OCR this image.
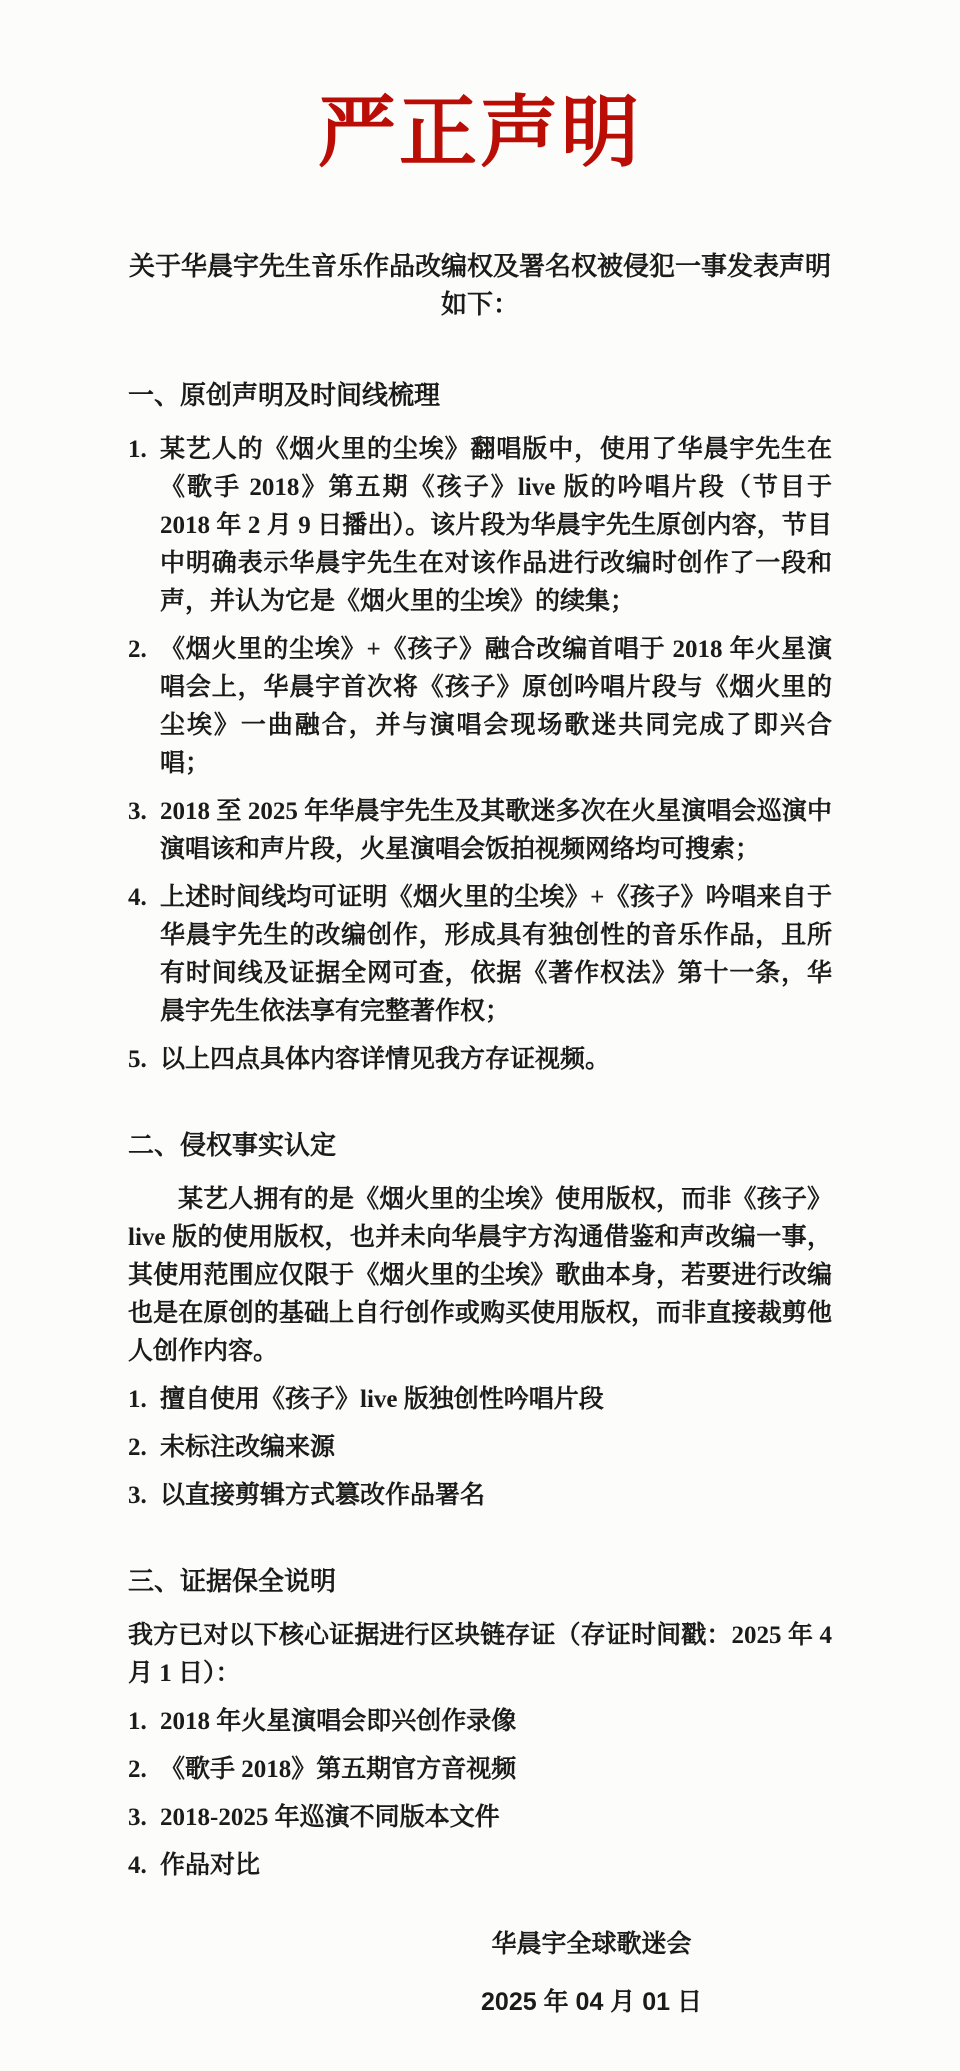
严正声明

关于华晨宇先生音乐作品改编权及署名权被侵犯一事发表声明如下：

一、原创声明及时间线梳理
1. 某艺人的《烟火里的尘埃》翻唱版中，使用了华晨宇先生在《歌手 2018》第五期《孩子》live 版的吟唱片段（节目于 2018 年 2 月 9 日播出）。该片段为华晨宇先生原创内容，节目中明确表示华晨宇先生在对该作品进行改编时创作了一段和声，并认为它是《烟火里的尘埃》的续集；
2. 《烟火里的尘埃》+《孩子》融合改编首唱于 2018 年火星演唱会上，华晨宇首次将《孩子》原创吟唱片段与《烟火里的尘埃》一曲融合，并与演唱会现场歌迷共同完成了即兴合唱；
3. 2018 至 2025 年华晨宇先生及其歌迷多次在火星演唱会巡演中演唱该和声片段，火星演唱会饭拍视频网络均可搜索；
4. 上述时间线均可证明《烟火里的尘埃》+《孩子》吟唱来自于华晨宇先生的改编创作，形成具有独创性的音乐作品，且所有时间线及证据全网可查，依据《著作权法》第十一条，华晨宇先生依法享有完整著作权；
5. 以上四点具体内容详情见我方存证视频。
二、侵权事实认定

某艺人拥有的是《烟火里的尘埃》使用版权，而非《孩子》live 版的使用版权，也并未向华晨宇方沟通借鉴和声改编一事，其使用范围应仅限于《烟火里的尘埃》歌曲本身，若要进行改编也是在原创的基础上自行创作或购买使用版权，而非直接裁剪他人创作内容。

1. 擅自使用《孩子》live 版独创性吟唱片段
2. 未标注改编来源
3. 以直接剪辑方式篡改作品署名
三、证据保全说明

我方已对以下核心证据进行区块链存证（存证时间戳：2025 年 4 月 1 日）：

1. 2018 年火星演唱会即兴创作录像
2. 《歌手 2018》第五期官方音视频
3. 2018-2025 年巡演不同版本文件
4. 作品对比
华晨宇全球歌迷会
2025 年 04 月 01 日
